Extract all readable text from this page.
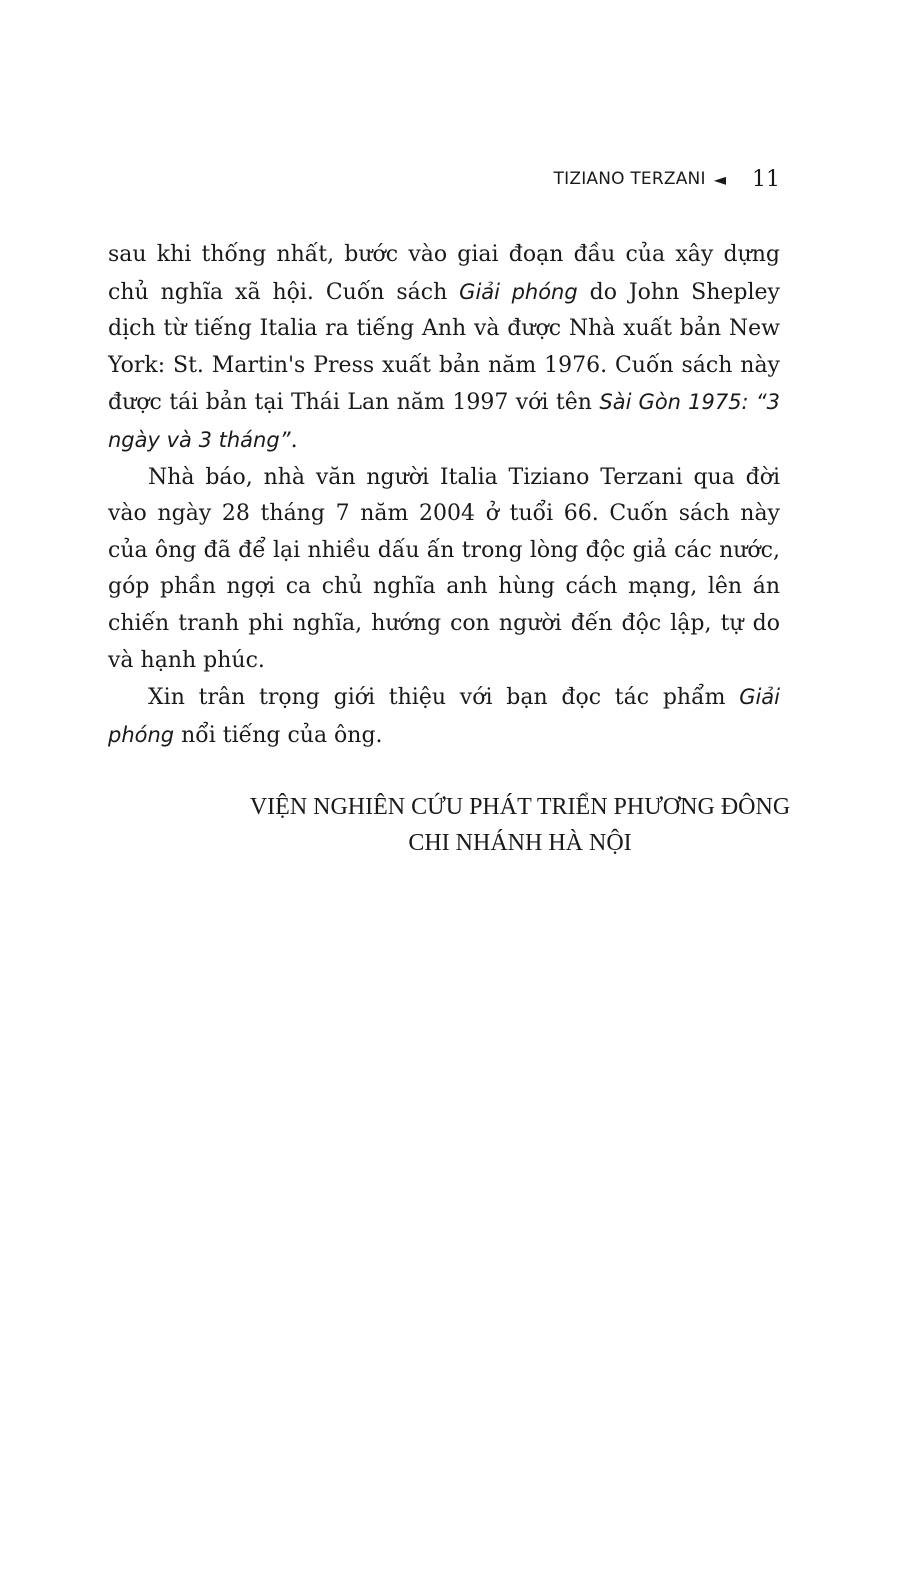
TIZIANO TERZANI ◄ 11

sau khi thống nhất, bước vào giai đoạn đầu của xây dựng chủ nghĩa xã hội. Cuốn sách Giải phóng do John Shepley dịch từ tiếng Italia ra tiếng Anh và được Nhà xuất bản New York: St. Martin's Press xuất bản năm 1976. Cuốn sách này được tái bản tại Thái Lan năm 1997 với tên Sài Gòn 1975: “3 ngày và 3 tháng”.

Nhà báo, nhà văn người Italia Tiziano Terzani qua đời vào ngày 28 tháng 7 năm 2004 ở tuổi 66. Cuốn sách này của ông đã để lại nhiều dấu ấn trong lòng độc giả các nước, góp phần ngợi ca chủ nghĩa anh hùng cách mạng, lên án chiến tranh phi nghĩa, hướng con người đến độc lập, tự do và hạnh phúc.

Xin trân trọng giới thiệu với bạn đọc tác phẩm Giải phóng nổi tiếng của ông.

VIỆN NGHIÊN CỨU PHÁT TRIỂN PHƯƠNG ĐÔNG
CHI NHÁNH HÀ NỘI
